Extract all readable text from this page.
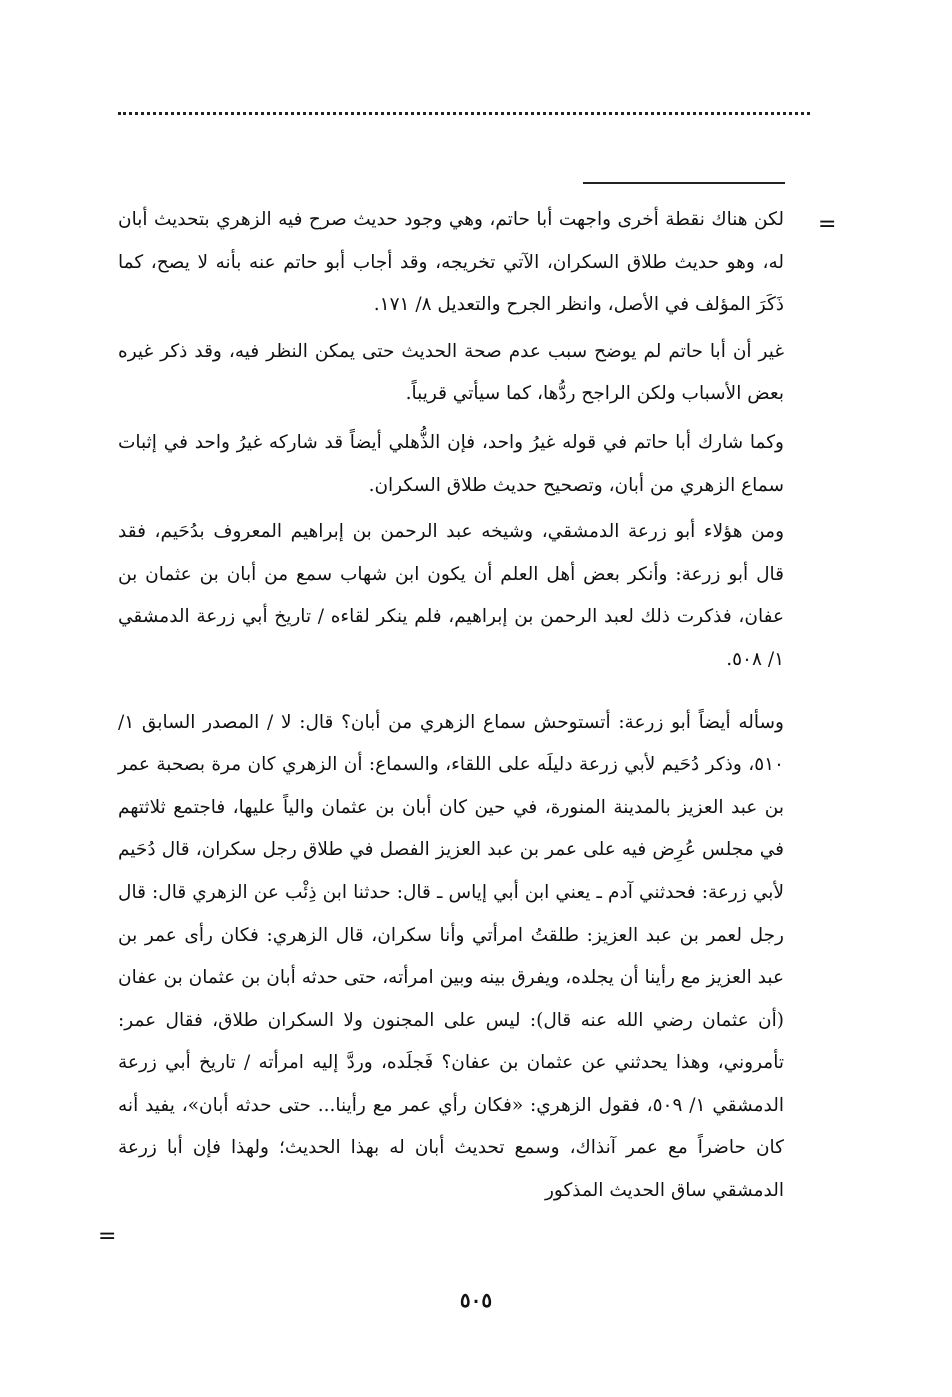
=

لكن هناك نقطة أخرى واجهت أبا حاتم، وهي وجود حديث صرح فيه الزهري بتحديث أبان له، وهو حديث طلاق السكران، الآتي تخريجه، وقد أجاب أبو حاتم عنه بأنه لا يصح، كما ذَكَرَ المؤلف في الأصل، وانظر الجرح والتعديل ٨/ ١٧١.

غير أن أبا حاتم لم يوضح سبب عدم صحة الحديث حتى يمكن النظر فيه، وقد ذكر غيره بعض الأسباب ولكن الراجح ردُّها، كما سيأتي قريباً.

وكما شارك أبا حاتم في قوله غيرُ واحد، فإن الذُّهلي أيضاً قد شاركه غيرُ واحد في إثبات سماع الزهري من أبان، وتصحيح حديث طلاق السكران.

ومن هؤلاء أبو زرعة الدمشقي، وشيخه عبد الرحمن بن إبراهيم المعروف بدُحَيم، فقد قال أبو زرعة: وأنكر بعض أهل العلم أن يكون ابن شهاب سمع من أبان بن عثمان بن عفان، فذكرت ذلك لعبد الرحمن بن إبراهيم، فلم ينكر لقاءه / تاريخ أبي زرعة الدمشقي ١/ ٥٠٨.

وسأله أيضاً أبو زرعة: أتستوحش سماع الزهري من أبان؟ قال: لا / المصدر السابق ١/ ٥١٠، وذكر دُحَيم لأبي زرعة دليلَه على اللقاء، والسماع: أن الزهري كان مرة بصحبة عمر بن عبد العزيز بالمدينة المنورة، في حين كان أبان بن عثمان والياً عليها، فاجتمع ثلاثتهم في مجلس عُرِض فيه على عمر بن عبد العزيز الفصل في طلاق رجل سكران، قال دُحَيم لأبي زرعة: فحدثني آدم ـ يعني ابن أبي إياس ـ قال: حدثنا ابن ذِئْب عن الزهري قال: قال رجل لعمر بن عبد العزيز: طلقتُ امرأتي وأنا سكران، قال الزهري: فكان رأى عمر بن عبد العزيز مع رأينا أن يجلده، ويفرق بينه وبين امرأته، حتى حدثه أبان بن عثمان بن عفان (أن عثمان رضي الله عنه قال): ليس على المجنون ولا السكران طلاق، فقال عمر: تأمروني، وهذا يحدثني عن عثمان بن عفان؟ فَجلَده، وردَّ إليه امرأته / تاريخ أبي زرعة الدمشقي ١/ ٥٠٩، فقول الزهري: «فكان رأي عمر مع رأينا... حتى حدثه أبان»، يفيد أنه كان حاضراً مع عمر آنذاك، وسمع تحديث أبان له بهذا الحديث؛ ولهذا فإن أبا زرعة الدمشقي ساق الحديث المذكور

=
٥٠٥
